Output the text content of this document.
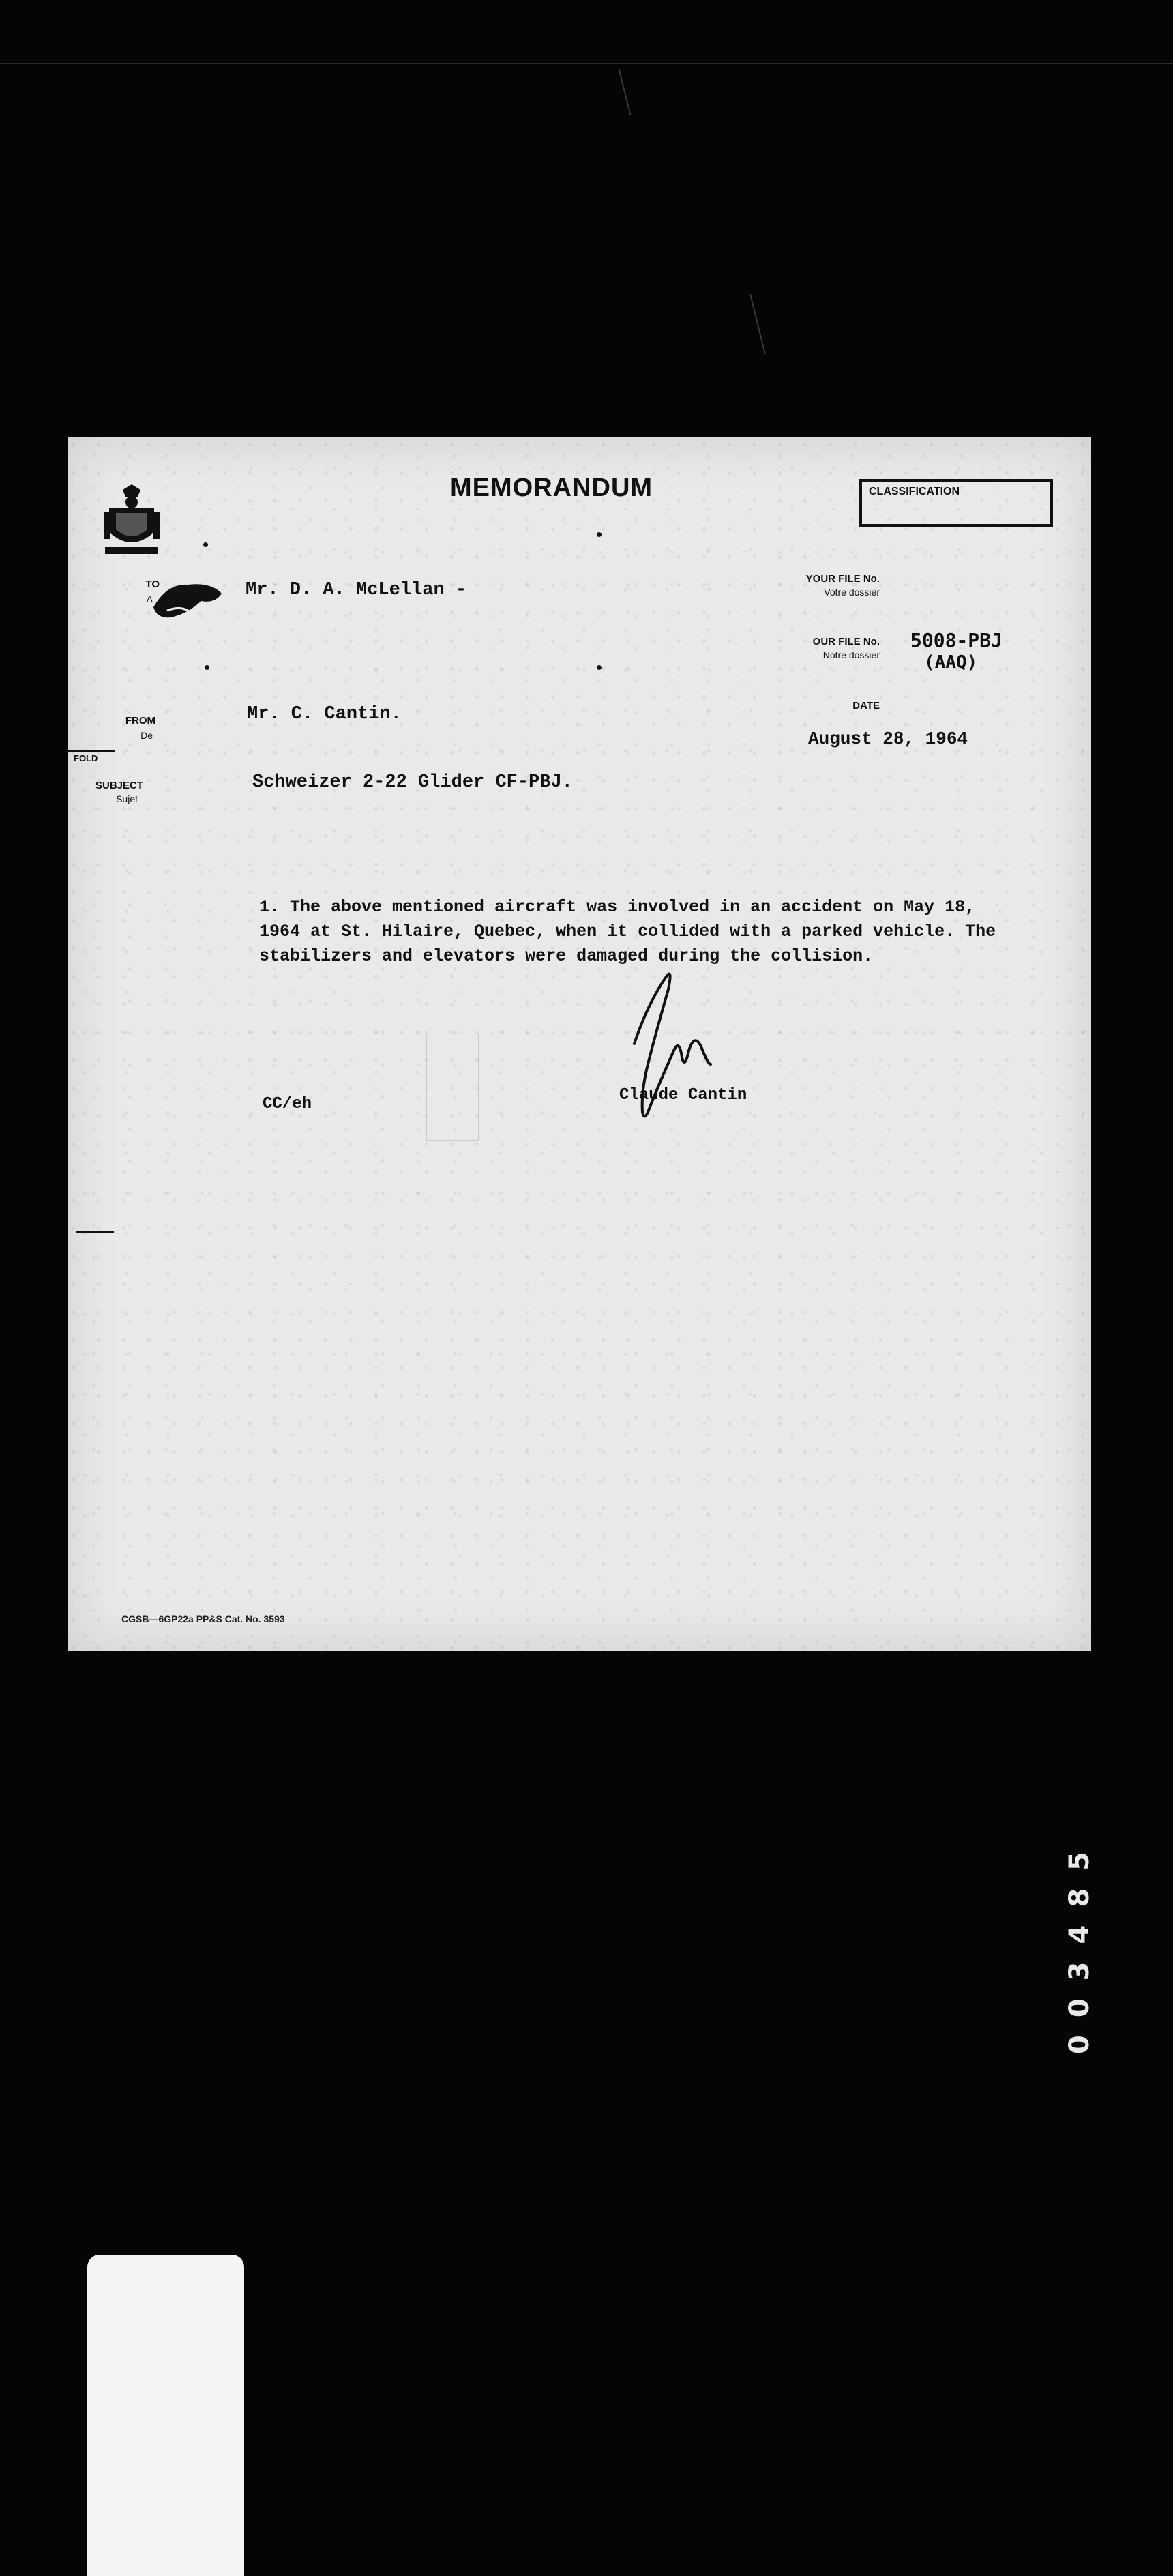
MEMORANDUM	CLASSIFICATION
TO
A	Mr. D. A. McLellan -
YOUR FILE No.
Votre dossier
OUR FILE No.
Notre dossier
5008-PBJ
(AAQ)
DATE
August 28, 1964
FROM
De
Mr. C. Cantin.
FOLD
SUBJECT
Sujet
Schweizer 2-22 Glider CF-PBJ.
1. The above mentioned aircraft was involved in an accident on May 18, 1964 at St. Hilaire, Quebec, when it collided with a parked vehicle. The stabilizers and elevators were damaged during the collision.
CC/eh	Claude Cantin
CGSB—6GP22a PP&S Cat. No. 3593
003485
